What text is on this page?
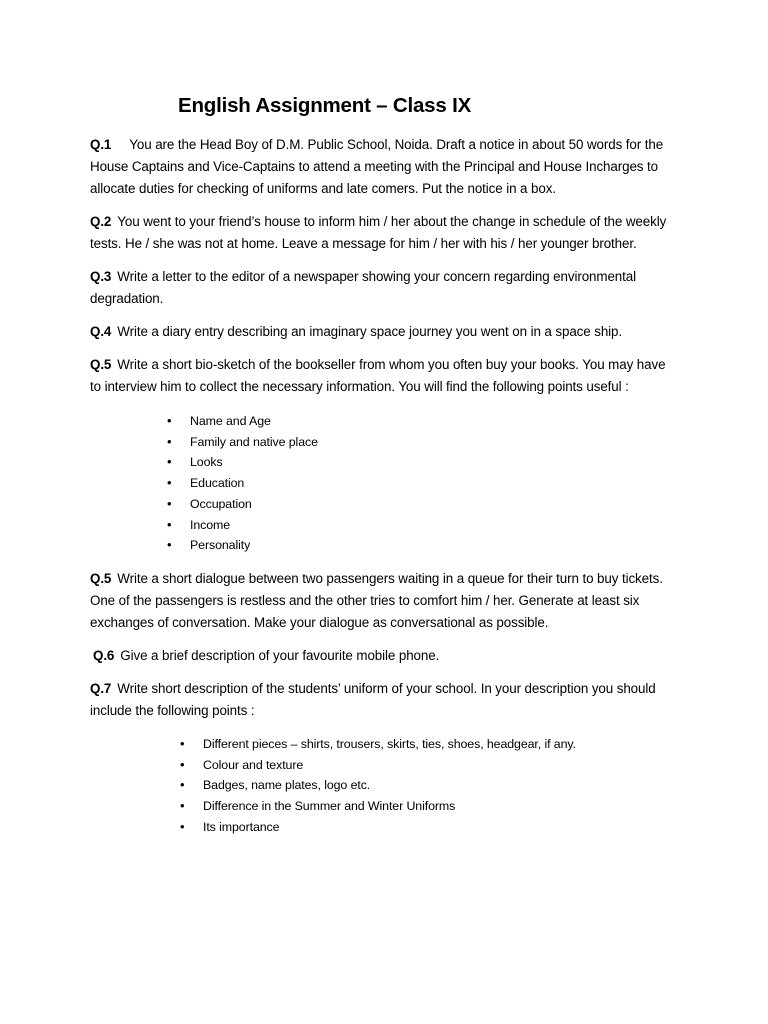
English Assignment – Class IX

Q.1 You are the Head Boy of D.M. Public School, Noida. Draft a notice in about 50 words for the House Captains and Vice-Captains to attend a meeting with the Principal and House Incharges to allocate duties for checking of uniforms and late comers. Put the notice in a box.

Q.2 You went to your friend’s house to inform him / her about the change in schedule of the weekly tests. He / she was not at home. Leave a message for him / her with his / her younger brother.

Q.3 Write a letter to the editor of a newspaper showing your concern regarding environmental degradation.

Q.4 Write a diary entry describing an imaginary space journey you went on in a space ship.

Q.5 Write a short bio-sketch of the bookseller from whom you often buy your books. You may have to interview him to collect the necessary information. You will find the following points useful :

• Name and Age
• Family and native place
• Looks
• Education
• Occupation
• Income
• Personality

Q.5 Write a short dialogue between two passengers waiting in a queue for their turn to buy tickets. One of the passengers is restless and the other tries to comfort him / her. Generate at least six exchanges of conversation. Make your dialogue as conversational as possible.

Q.6 Give a brief description of your favourite mobile phone.

Q.7 Write short description of the students’ uniform of your school. In your description you should include the following points :

• Different pieces – shirts, trousers, skirts, ties, shoes, headgear, if any.
• Colour and texture
• Badges, name plates, logo etc.
• Difference in the Summer and Winter Uniforms
• Its importance
